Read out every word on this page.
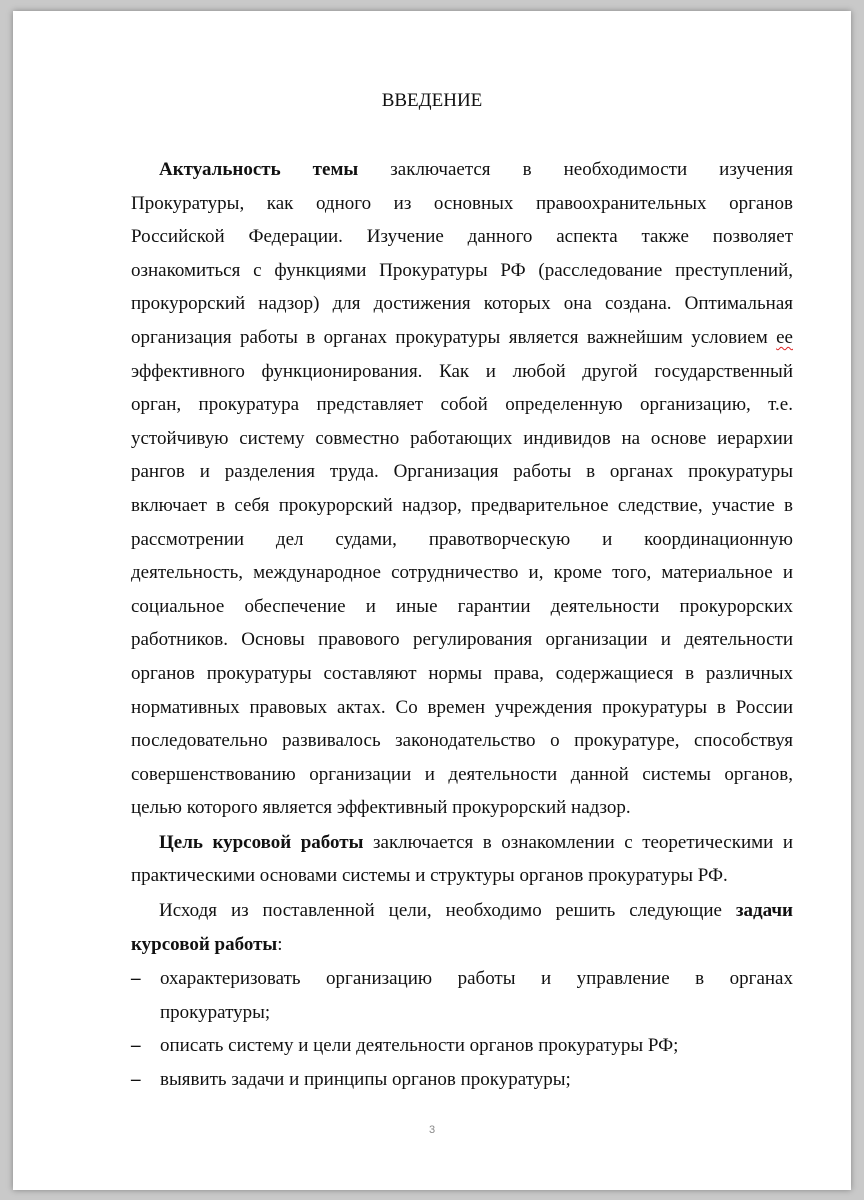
ВВЕДЕНИЕ
Актуальность темы заключается в необходимости изучения
Прокуратуры, как одного из основных правоохранительных органов
Российской Федерации. Изучение данного аспекта также позволяет
ознакомиться с функциями Прокуратуры РФ (расследование преступлений,
прокурорский надзор) для достижения которых она создана. Оптимальная
организация работы в органах прокуратуры является важнейшим условием ее
эффективного функционирования. Как и любой другой государственный
орган, прокуратура представляет собой определенную организацию, т.е.
устойчивую систему совместно работающих индивидов на основе иерархии
рангов и разделения труда. Организация работы в органах прокуратуры
включает в себя прокурорский надзор, предварительное следствие, участие в
рассмотрении дел судами, правотворческую и координационную
деятельность, международное сотрудничество и, кроме того, материальное и
социальное обеспечение и иные гарантии деятельности прокурорских
работников. Основы правового регулирования организации и деятельности
органов прокуратуры составляют нормы права, содержащиеся в различных
нормативных правовых актах. Со времен учреждения прокуратуры в России
последовательно развивалось законодательство о прокуратуре, способствуя
совершенствованию организации и деятельности данной системы органов,
целью которого является эффективный прокурорский надзор.
Цель курсовой работы заключается в ознакомлении с теоретическими и
практическими основами системы и структуры органов прокуратуры РФ.
Исходя из поставленной цели, необходимо решить следующие задачи
курсовой работы:
– охарактеризовать организацию работы и управление в органах
прокуратуры;
– описать систему и цели деятельности органов прокуратуры РФ;
– выявить задачи и принципы органов прокуратуры;
3
